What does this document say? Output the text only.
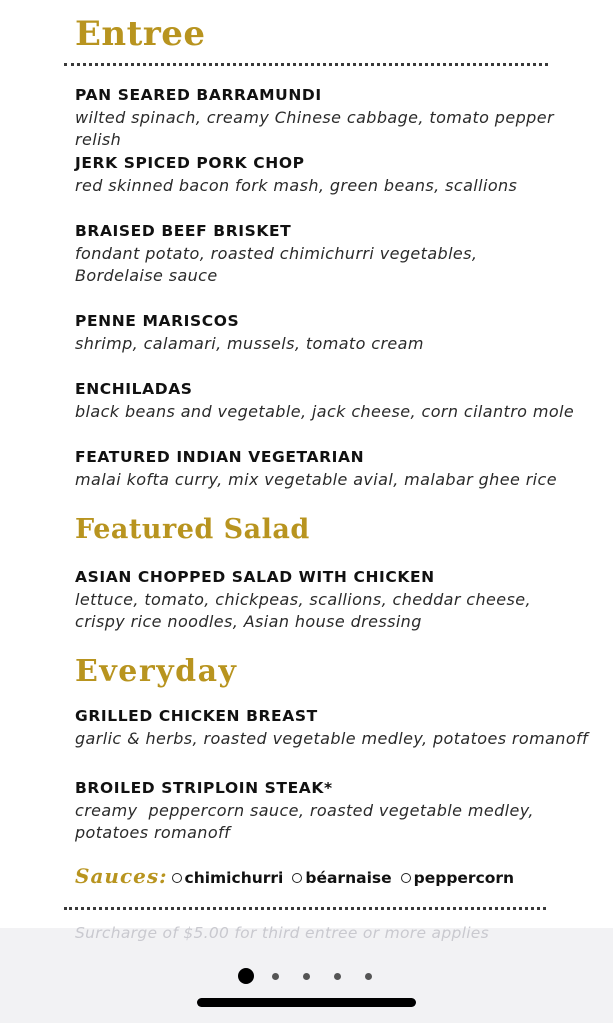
Entree
PAN SEARED BARRAMUNDI
wilted spinach, creamy Chinese cabbage, tomato pepper relish
JERK SPICED PORK CHOP
red skinned bacon fork mash, green beans, scallions
BRAISED BEEF BRISKET
fondant potato, roasted chimichurri vegetables,
Bordelaise sauce
PENNE MARISCOS
shrimp, calamari, mussels, tomato cream
ENCHILADAS
black beans and vegetable, jack cheese, corn cilantro mole
FEATURED INDIAN VEGETARIAN
malai kofta curry, mix vegetable avial, malabar ghee rice
Featured Salad
ASIAN CHOPPED SALAD WITH CHICKEN
lettuce, tomato, chickpeas, scallions, cheddar cheese,
crispy rice noodles, Asian house dressing
Everyday
GRILLED CHICKEN BREAST
garlic & herbs, roasted vegetable medley, potatoes romanoff
BROILED STRIPLOIN STEAK*
creamy  peppercorn sauce, roasted vegetable medley,
potatoes romanoff
Sauces: chimichurri béarnaise peppercorn
Surcharge of $5.00 for third entree or more applies
